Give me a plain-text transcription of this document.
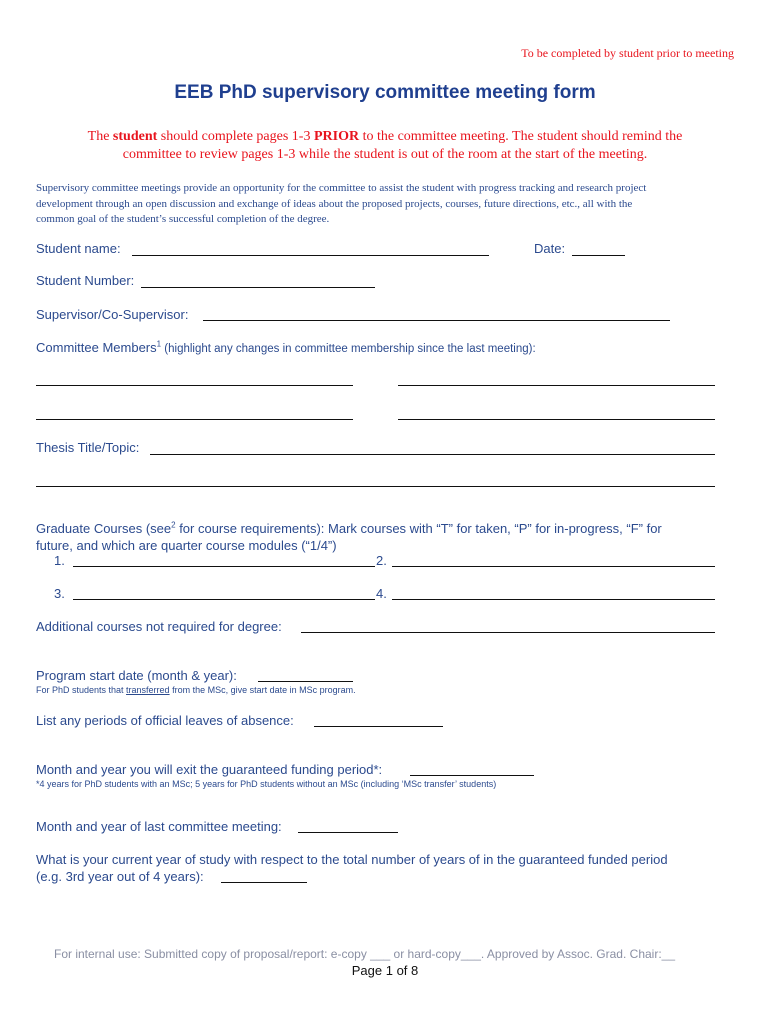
To be completed by student prior to meeting
EEB PhD supervisory committee meeting form
The student should complete pages 1-3 PRIOR to the committee meeting. The student should remind the
committee to review pages 1-3 while the student is out of the room at the start of the meeting.
Supervisory committee meetings provide an opportunity for the committee to assist the student with progress tracking and research project
development through an open discussion and exchange of ideas about the proposed projects, courses, future directions, etc., all with the
common goal of the student’s successful completion of the degree.
Student name:	Date:
Student Number:
Supervisor/Co-Supervisor:
Committee Members$^1$ (highlight any changes in committee membership since the last meeting):
Thesis Title/Topic:
Graduate Courses (see$^2$ for course requirements): Mark courses with “T” for taken, “P” for in-progress, “F” for
future, and which are quarter course modules (“1/4”)
1.	2.
3.	4.
Additional courses not required for degree:
Program start date (month & year):
For PhD students that transferred from the MSc, give start date in MSc program.
List any periods of official leaves of absence:
Month and year you will exit the guaranteed funding period*:
*4 years for PhD students with an MSc; 5 years for PhD students without an MSc (including ‘MSc transfer’ students)
Month and year of last committee meeting:
What is your current year of study with respect to the total number of years of in the guaranteed funded period
(e.g. 3rd year out of 4 years):
For internal use: Submitted copy of proposal/report: e-copy ___ or hard-copy___. Approved by Assoc. Grad. Chair:__
Page 1 of 8
